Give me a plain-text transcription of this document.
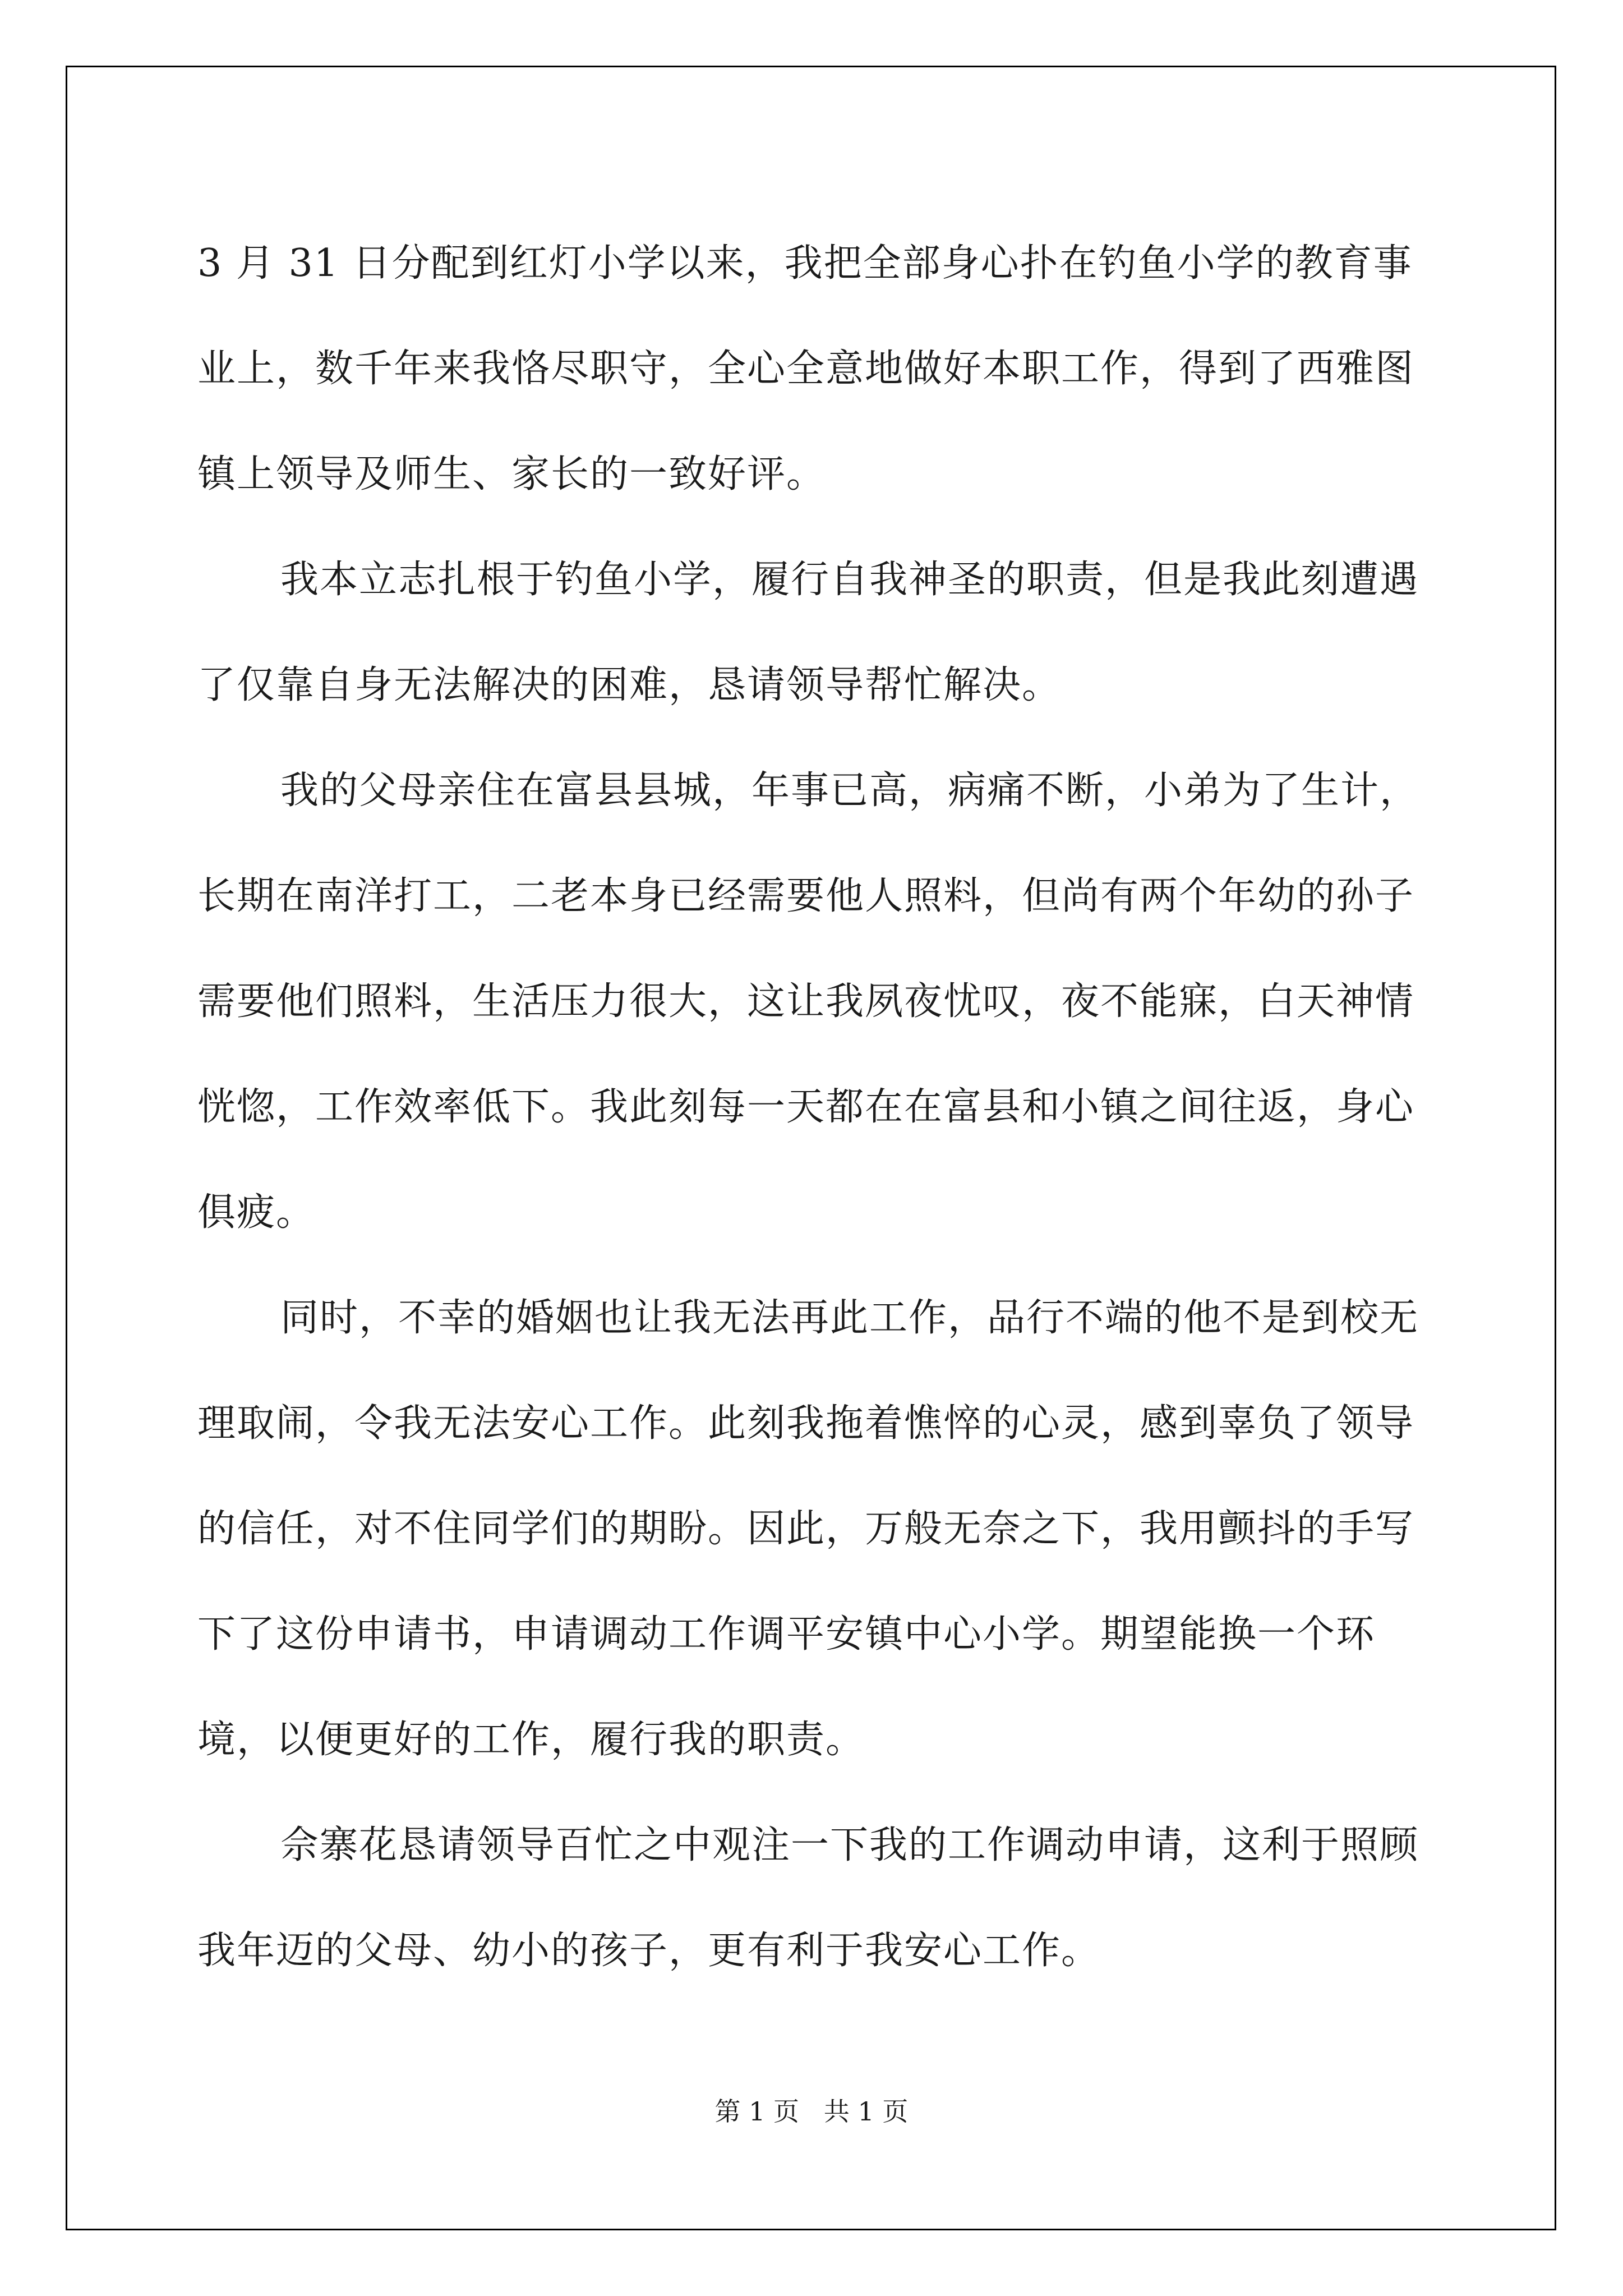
3 月 31 日分配到红灯小学以来，我把全部身心扑在钓鱼小学的教育事业上，数千年来我恪尽职守，全心全意地做好本职工作，得到了西雅图镇上领导及师生、家长的一致好评。

我本立志扎根于钓鱼小学，履行自我神圣的职责，但是我此刻遭遇了仅靠自身无法解决的困难，恳请领导帮忙解决。

我的父母亲住在富县县城，年事已高，病痛不断，小弟为了生计，长期在南洋打工，二老本身已经需要他人照料，但尚有两个年幼的孙子需要他们照料，生活压力很大，这让我夙夜忧叹，夜不能寐，白天神情恍惚，工作效率低下。我此刻每一天都在在富县和小镇之间往返，身心俱疲。

同时，不幸的婚姻也让我无法再此工作，品行不端的他不是到校无理取闹，令我无法安心工作。此刻我拖着憔悴的心灵，感到辜负了领导的信任，对不住同学们的期盼。因此，万般无奈之下，我用颤抖的手写下了这份申请书，申请调动工作调平安镇中心小学。期望能换一个环境，以便更好的工作，履行我的职责。

佘寨花恳请领导百忙之中观注一下我的工作调动申请，这利于照顾我年迈的父母、幼小的孩子，更有利于我安心工作。

第 1 页   共 1 页
